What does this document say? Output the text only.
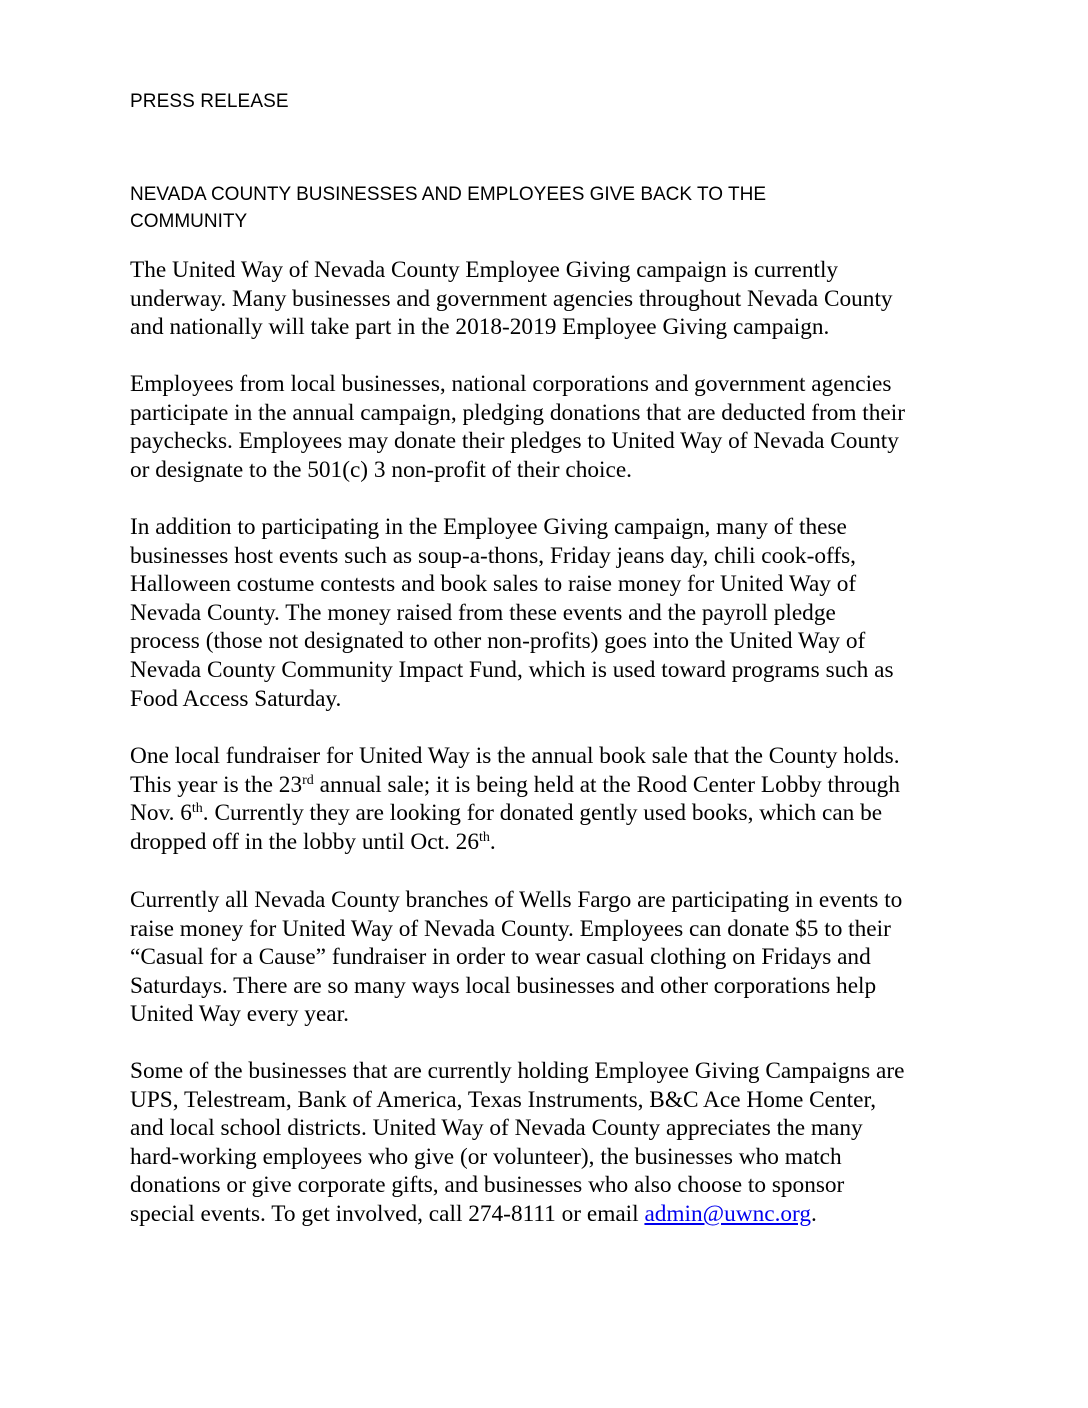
PRESS RELEASE
NEVADA COUNTY BUSINESSES AND EMPLOYEES GIVE BACK TO THE
COMMUNITY
The United Way of Nevada County Employee Giving campaign is currently
underway. Many businesses and government agencies throughout Nevada County
and nationally will take part in the 2018-2019 Employee Giving campaign.
Employees from local businesses, national corporations and government agencies
participate in the annual campaign, pledging donations that are deducted from their
paychecks. Employees may donate their pledges to United Way of Nevada County
or designate to the 501(c) 3 non-profit of their choice.
In addition to participating in the Employee Giving campaign, many of these
businesses host events such as soup-a-thons, Friday jeans day, chili cook-offs,
Halloween costume contests and book sales to raise money for United Way of
Nevada County. The money raised from these events and the payroll pledge
process (those not designated to other non-profits) goes into the United Way of
Nevada County Community Impact Fund, which is used toward programs such as
Food Access Saturday.
One local fundraiser for United Way is the annual book sale that the County holds.
This year is the 23rd annual sale; it is being held at the Rood Center Lobby through
Nov. 6th. Currently they are looking for donated gently used books, which can be
dropped off in the lobby until Oct. 26th.
Currently all Nevada County branches of Wells Fargo are participating in events to
raise money for United Way of Nevada County. Employees can donate $5 to their
“Casual for a Cause” fundraiser in order to wear casual clothing on Fridays and
Saturdays. There are so many ways local businesses and other corporations help
United Way every year.
Some of the businesses that are currently holding Employee Giving Campaigns are
UPS, Telestream, Bank of America, Texas Instruments, B&C Ace Home Center,
and local school districts. United Way of Nevada County appreciates the many
hard-working employees who give (or volunteer), the businesses who match
donations or give corporate gifts, and businesses who also choose to sponsor
special events. To get involved, call 274-8111 or email admin@uwnc.org.
